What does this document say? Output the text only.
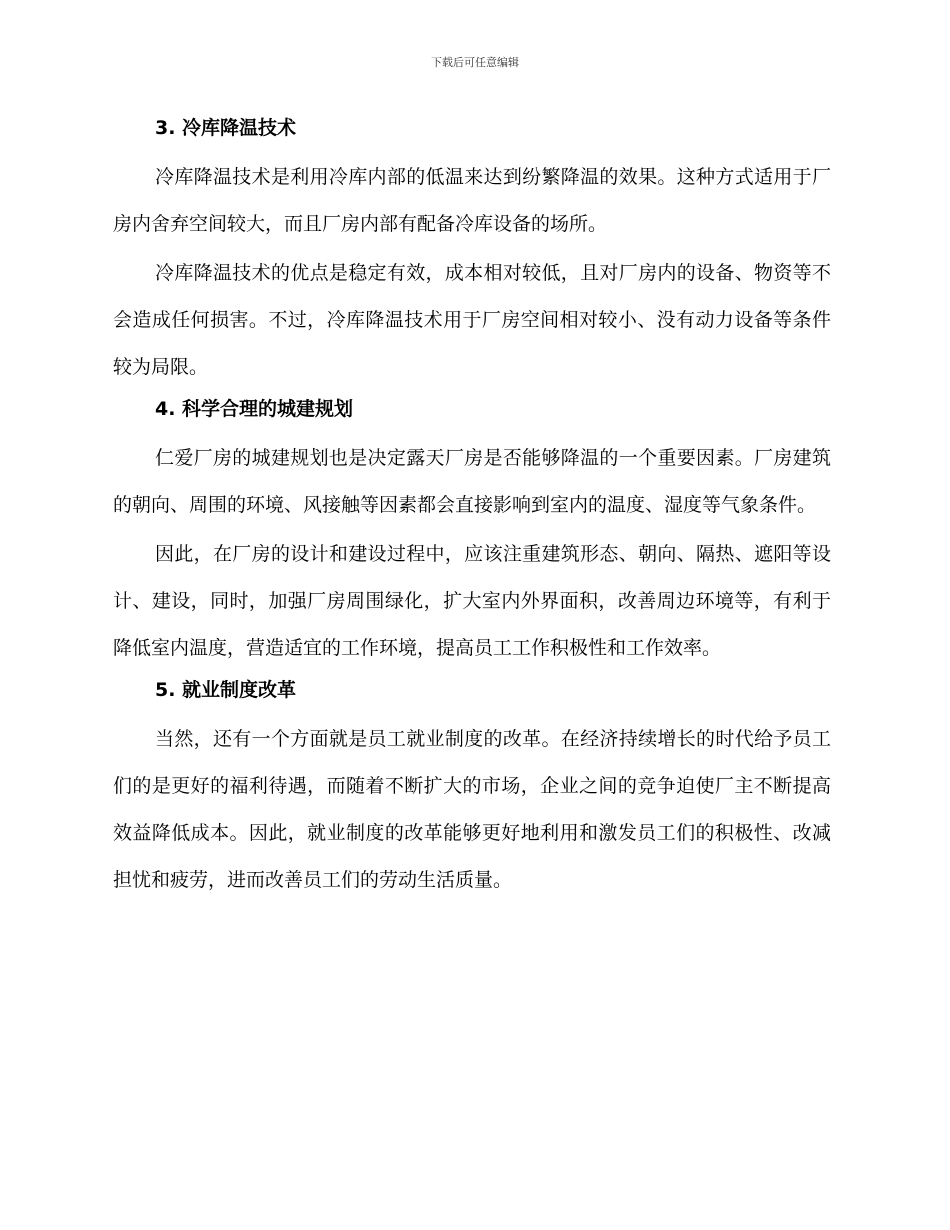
下载后可任意编辑

3. 冷库降温技术

冷库降温技术是利用冷库内部的低温来达到纷繁降温的效果。这种方式适用于厂房内舍弃空间较大，而且厂房内部有配备冷库设备的场所。

冷库降温技术的优点是稳定有效，成本相对较低，且对厂房内的设备、物资等不会造成任何损害。不过，冷库降温技术用于厂房空间相对较小、没有动力设备等条件较为局限。

4. 科学合理的城建规划

仁爱厂房的城建规划也是决定露天厂房是否能够降温的一个重要因素。厂房建筑的朝向、周围的环境、风接触等因素都会直接影响到室内的温度、湿度等气象条件。

因此，在厂房的设计和建设过程中，应该注重建筑形态、朝向、隔热、遮阳等设计、建设，同时，加强厂房周围绿化，扩大室内外界面积，改善周边环境等，有利于降低室内温度，营造适宜的工作环境，提高员工工作积极性和工作效率。

5. 就业制度改革

当然，还有一个方面就是员工就业制度的改革。在经济持续增长的时代给予员工们的是更好的福利待遇，而随着不断扩大的市场，企业之间的竞争迫使厂主不断提高效益降低成本。因此，就业制度的改革能够更好地利用和激发员工们的积极性、改减担忧和疲劳，进而改善员工们的劳动生活质量。
